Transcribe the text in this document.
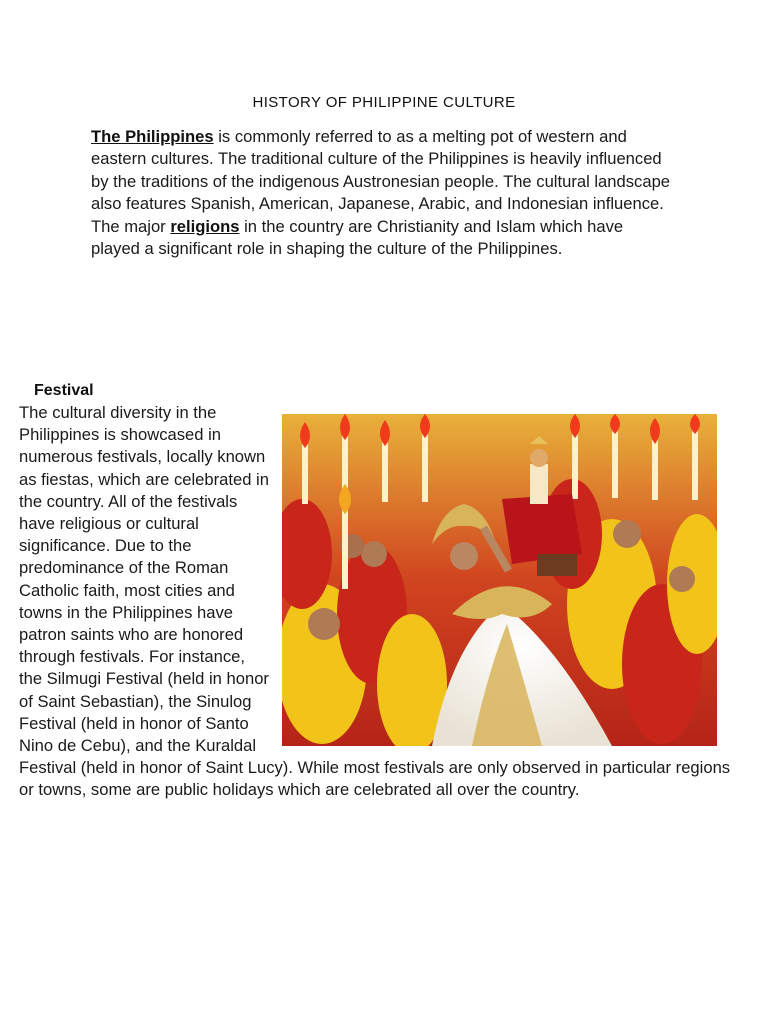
HISTORY OF PHILIPPINE CULTURE

The Philippines is commonly referred to as a melting pot of western and eastern cultures. The traditional culture of the Philippines is heavily influenced by the traditions of the indigenous Austronesian people. The cultural landscape also features Spanish, American, Japanese, Arabic, and Indonesian influence. The major religions in the country are Christianity and Islam which have played a significant role in shaping the culture of the Philippines.

Festival
The cultural diversity in the Philippines is showcased in numerous festivals, locally known as fiestas, which are celebrated in the country. All of the festivals have religious or cultural significance. Due to the predominance of the Roman Catholic faith, most cities and towns in the Philippines have patron saints who are honored through festivals. For instance, the Silmugi Festival (held in honor of Saint Sebastian), the Sinulog Festival (held in honor of Santo Nino de Cebu), and the Kuraldal Festival (held in honor of Saint Lucy). While most festivals are only observed in particular regions or towns, some are public holidays which are celebrated all over the country.
